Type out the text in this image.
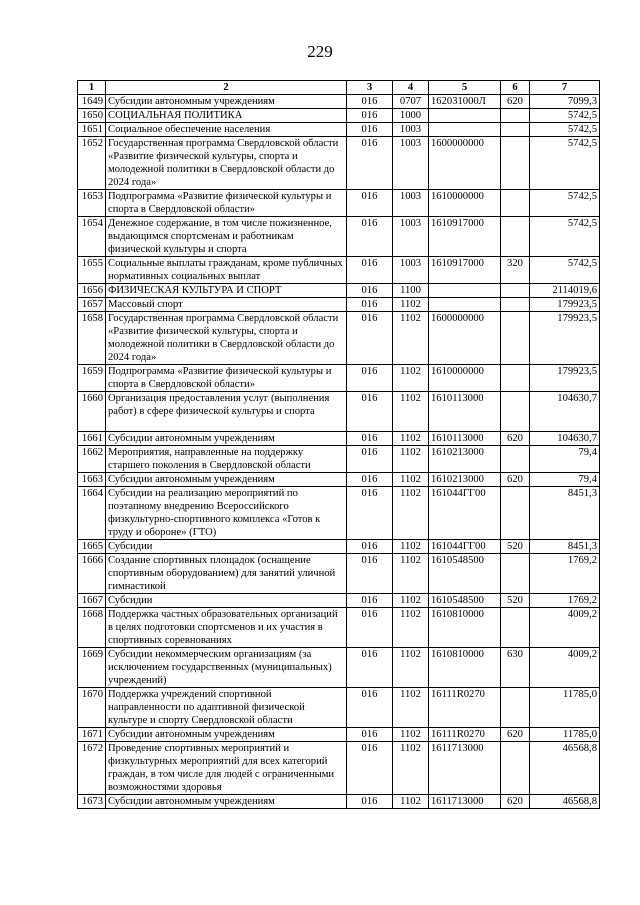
229
1	2	3	4	5	6	7
1649	Субсидии автономным учреждениям	016	0707	162031000Л	620	7099,3
1650	СОЦИАЛЬНАЯ ПОЛИТИКА	016	1000			5742,5
1651	Социальное обеспечение населения	016	1003			5742,5
1652	Государственная программа Свердловской области «Развитие физической культуры, спорта и молодежной политики в Свердловской области до 2024 года»	016	1003	1600000000		5742,5
1653	Подпрограмма «Развитие физической культуры и спорта в Свердловской области»	016	1003	1610000000		5742,5
1654	Денежное содержание, в том числе пожизненное, выдающимся спортсменам и работникам физической культуры и спорта	016	1003	1610917000		5742,5
1655	Социальные выплаты гражданам, кроме публичных нормативных социальных выплат	016	1003	1610917000	320	5742,5
1656	ФИЗИЧЕСКАЯ КУЛЬТУРА И СПОРТ	016	1100			2114019,6
1657	Массовый спорт	016	1102			179923,5
1658	Государственная программа Свердловской области «Развитие физической культуры, спорта и молодежной политики в Свердловской области до 2024 года»	016	1102	1600000000		179923,5
1659	Подпрограмма «Развитие физической культуры и спорта в Свердловской области»	016	1102	1610000000		179923,5
1660	Организация предоставления услуг (выполнения работ) в сфере физической культуры и спорта	016	1102	1610113000		104630,7
1661	Субсидии автономным учреждениям	016	1102	1610113000	620	104630,7
1662	Мероприятия, направленные на поддержку старшего поколения в Свердловской области	016	1102	1610213000		79,4
1663	Субсидии автономным учреждениям	016	1102	1610213000	620	79,4
1664	Субсидии на реализацию мероприятий по поэтапному внедрению Всероссийского физкультурно-спортивного комплекса «Готов к труду и обороне» (ГТО)	016	1102	161044ГГ00		8451,3
1665	Субсидии	016	1102	161044ГГ00	520	8451,3
1666	Создание спортивных площадок (оснащение спортивным оборудованием) для занятий уличной гимнастикой	016	1102	1610548500		1769,2
1667	Субсидии	016	1102	1610548500	520	1769,2
1668	Поддержка частных образовательных организаций в целях подготовки спортсменов и их участия в спортивных соревнованиях	016	1102	1610810000		4009,2
1669	Субсидии некоммерческим организациям (за исключением государственных (муниципальных) учреждений)	016	1102	1610810000	630	4009,2
1670	Поддержка учреждений спортивной направленности по адаптивной физической культуре и спорту Свердловской области	016	1102	16111R0270		11785,0
1671	Субсидии автономным учреждениям	016	1102	16111R0270	620	11785,0
1672	Проведение спортивных мероприятий и физкультурных мероприятий для всех категорий граждан, в том числе для людей с ограниченными возможностями здоровья	016	1102	1611713000		46568,8
1673	Субсидии автономным учреждениям	016	1102	1611713000	620	46568,8
